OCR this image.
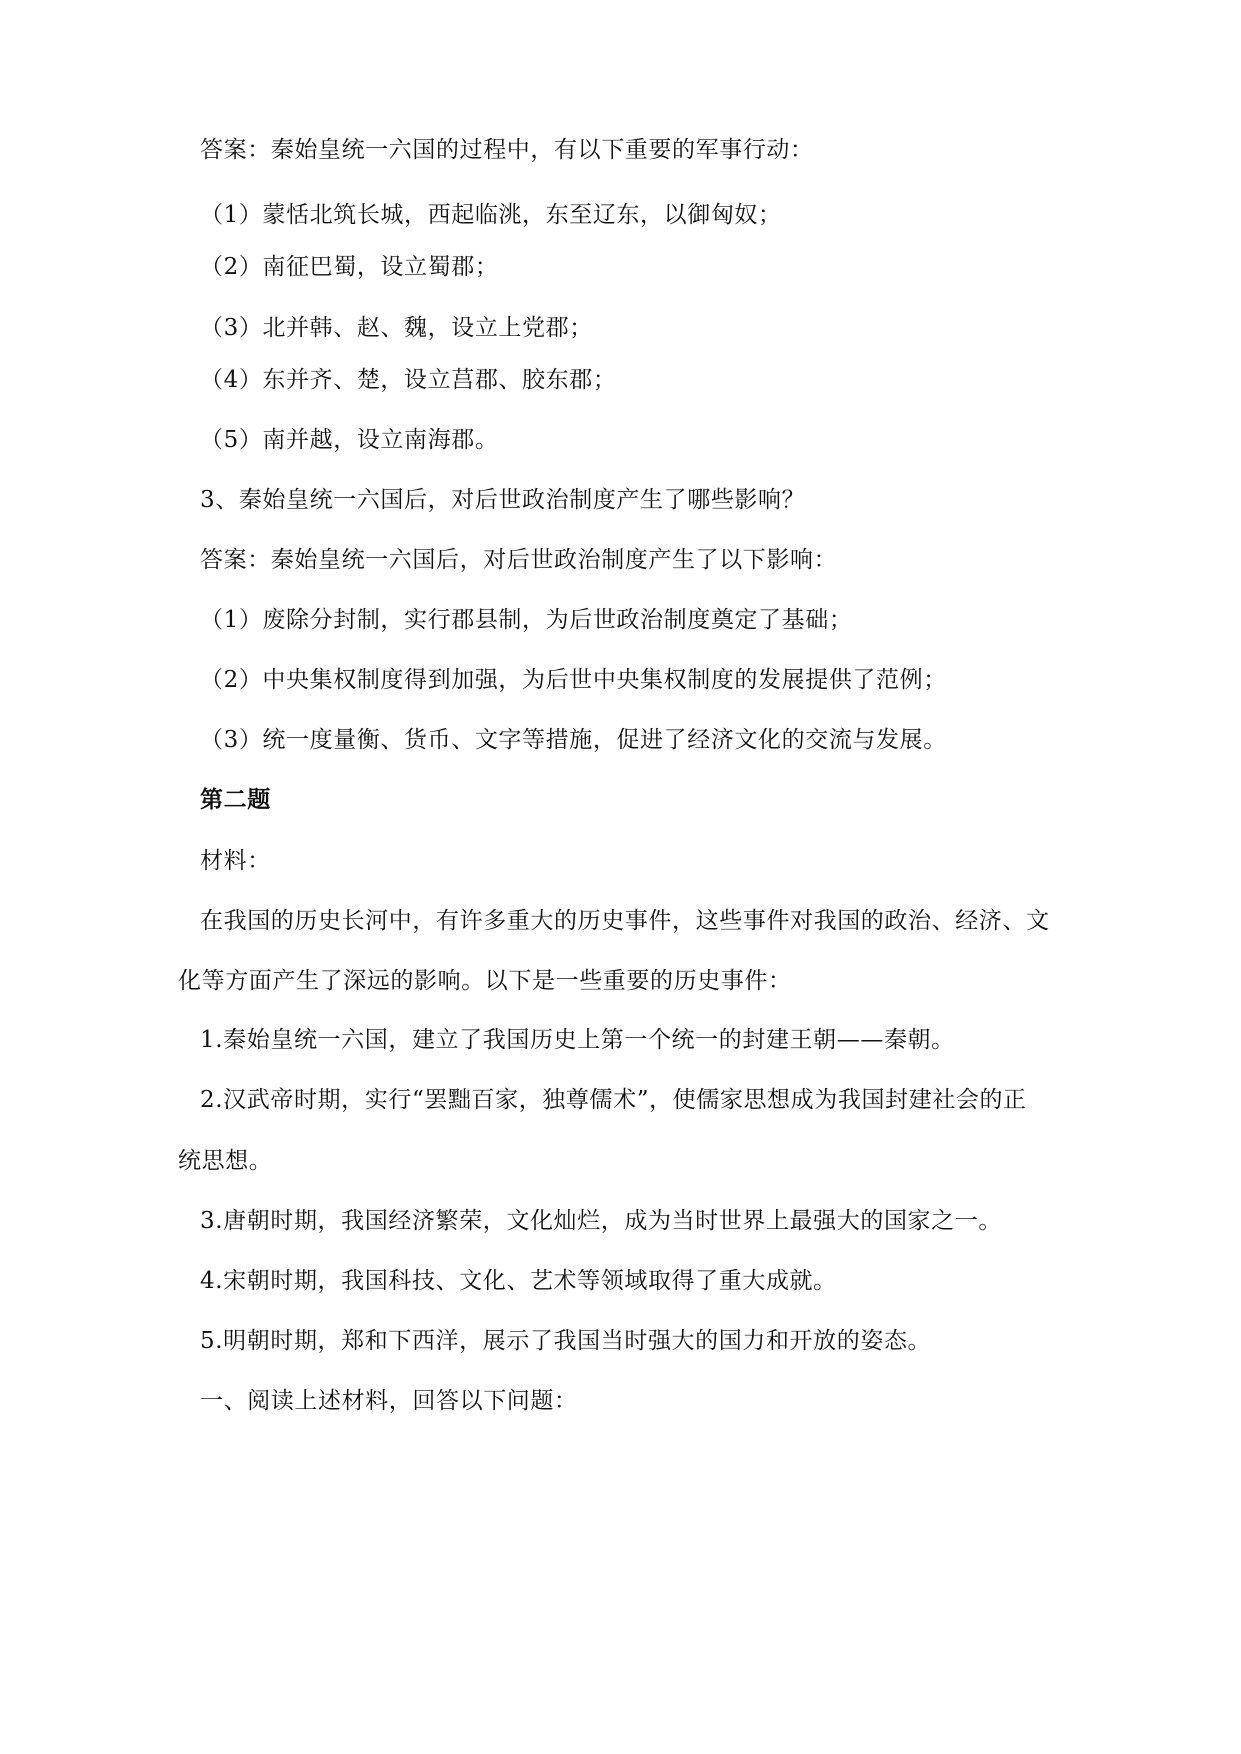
答案：秦始皇统一六国的过程中，有以下重要的军事行动：
（1）蒙恬北筑长城，西起临洮，东至辽东，以御匈奴；
（2）南征巴蜀，设立蜀郡；
（3）北并韩、赵、魏，设立上党郡；
（4）东并齐、楚，设立莒郡、胶东郡；
（5）南并越，设立南海郡。
3、秦始皇统一六国后，对后世政治制度产生了哪些影响？
答案：秦始皇统一六国后，对后世政治制度产生了以下影响：
（1）废除分封制，实行郡县制，为后世政治制度奠定了基础；
（2）中央集权制度得到加强，为后世中央集权制度的发展提供了范例；
（3）统一度量衡、货币、文字等措施，促进了经济文化的交流与发展。
第二题
材料：
在我国的历史长河中，有许多重大的历史事件，这些事件对我国的政治、经济、文
化等方面产生了深远的影响。以下是一些重要的历史事件：
1.秦始皇统一六国，建立了我国历史上第一个统一的封建王朝——秦朝。
2.汉武帝时期，实行“罢黜百家，独尊儒术”，使儒家思想成为我国封建社会的正
统思想。
3.唐朝时期，我国经济繁荣，文化灿烂，成为当时世界上最强大的国家之一。
4.宋朝时期，我国科技、文化、艺术等领域取得了重大成就。
5.明朝时期，郑和下西洋，展示了我国当时强大的国力和开放的姿态。
一、阅读上述材料，回答以下问题：
